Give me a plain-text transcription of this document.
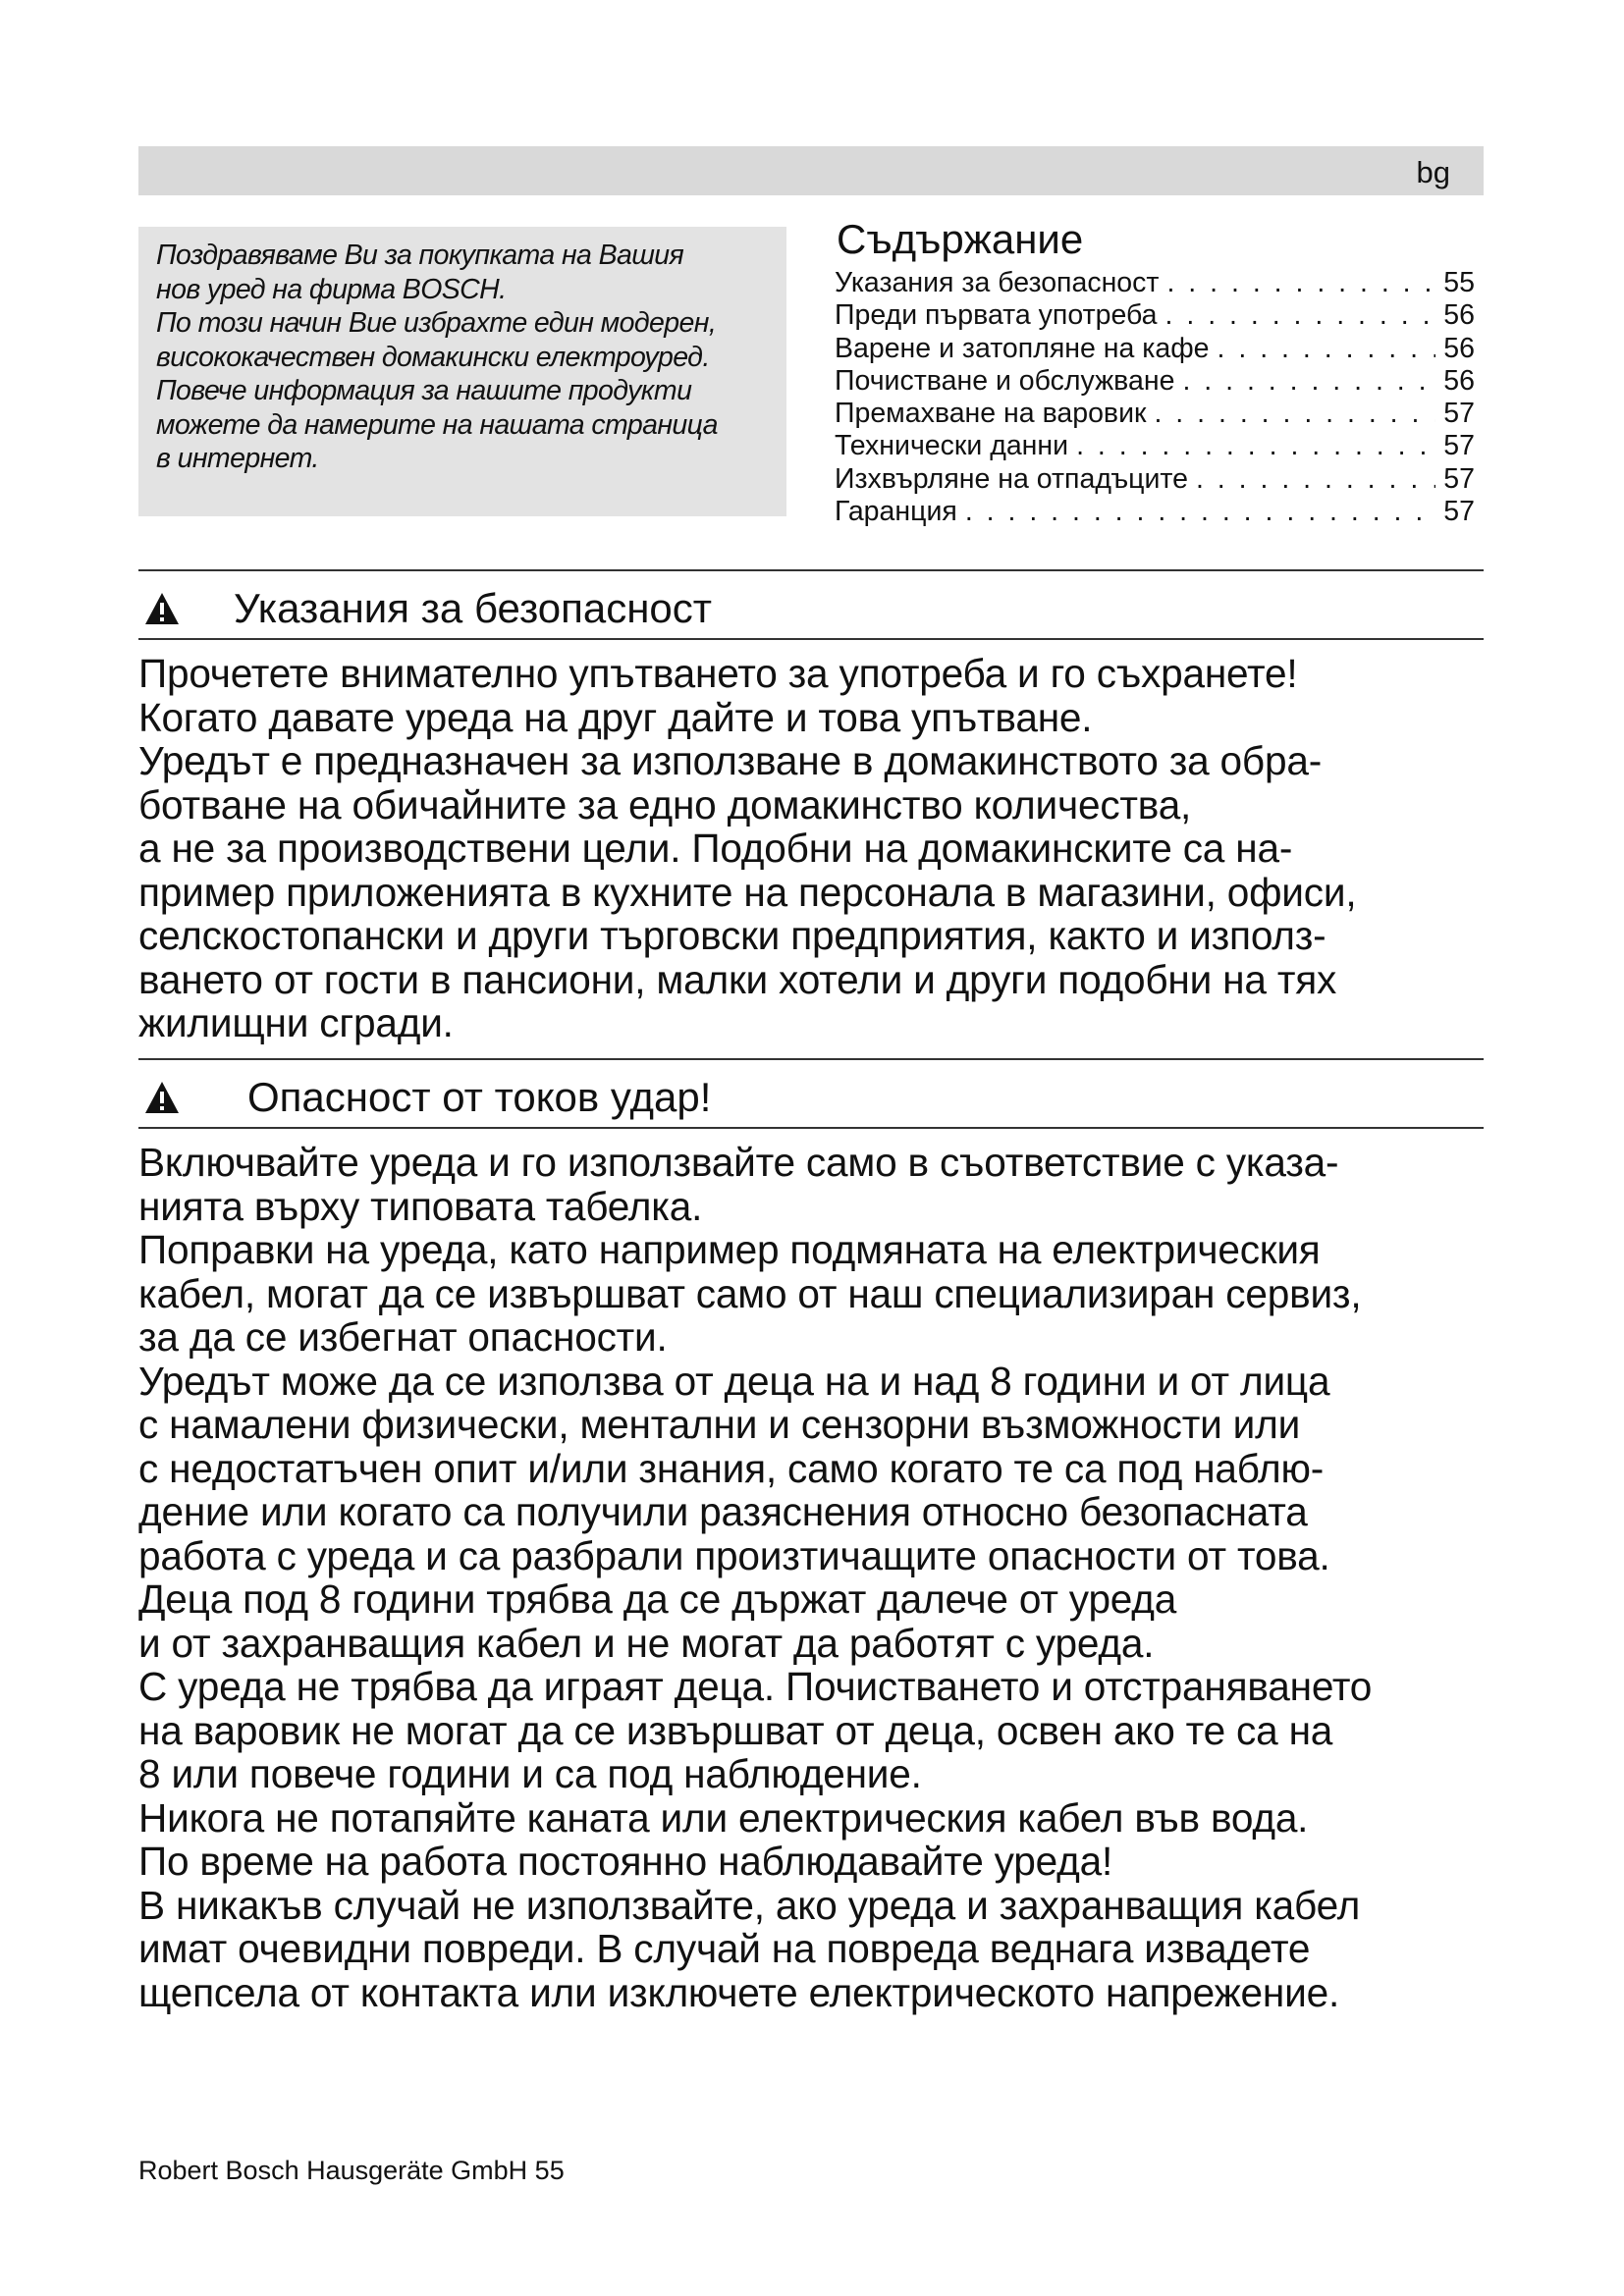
bg

Поздравяваме Ви за покупката на Вашия

нов уред на фирма BOSCH.

По този начин Вие избрахте един модерен,

висококачествен домакински електроуред.

Повече информация за нашите продукти

можете да намерите на нашата страница

в интернет.

Съдържание
Указания за безопасност . . .	55
Преди първата употреба . . .	56
Варене и затопляне на кафе . . .	56
Почистване и обслужване . . .	56
Премахване на варовик . . .	57
Технически данни . . .	57
Изхвърляне на отпадъците . . .	57
Гаранция . . .	57
Указания за безопасност

Прочетете внимателно упътването за употреба и го съхранете!

Когато давате уреда на друг дайте и това упътване.

Уредът е предназначен за използване в домакинството за обра-

ботване на обичайните за едно домакинство количества,

а не за производствени цели. Подобни на домакинските са на-

пример приложенията в кухните на персонала в магазини, офиси,

селскостопански и други търговски предприятия, както и използ-

ването от гости в пансиони, малки хотели и други подобни на тях

жилищни сгради.

Опасност от токов удар!

Включвайте уреда и го използвайте само в съответствие с указа-

нията върху типовата табелка.

Поправки на уреда, като например подмяната на електрическия

кабел, могат да се извършват само от наш специализиран сервиз,

за да се избегнат опасности.

Уредът може да се използва от деца на и над 8 години и от лица

с намалени физически, ментални и сензорни възможности или

с недостатъчен опит и/или знания, само когато те са под наблю-

дение или когато са получили разяснения относно безопасната

работа с уреда и са разбрали произтичащите опасности от това.

Деца под 8 години трябва да се държат далече от уреда

и от захранващия кабел и не могат да работят с уреда.

С уреда не трябва да играят деца. Почистването и отстраняването

на варовик не могат да се извършват от деца, освен ако те са на

8 или повече години и са под наблюдение.

Никога не потапяйте каната или електрическия кабел във вода.

По време на работа постоянно наблюдавайте уреда!

В никакъв случай не използвайте, ако уреда и захранващия кабел

имат очевидни повреди. В случай на повреда веднага извадете

щепсела от контакта или изключете електрическото напрежение.

Robert Bosch Hausgeräte GmbH 55
